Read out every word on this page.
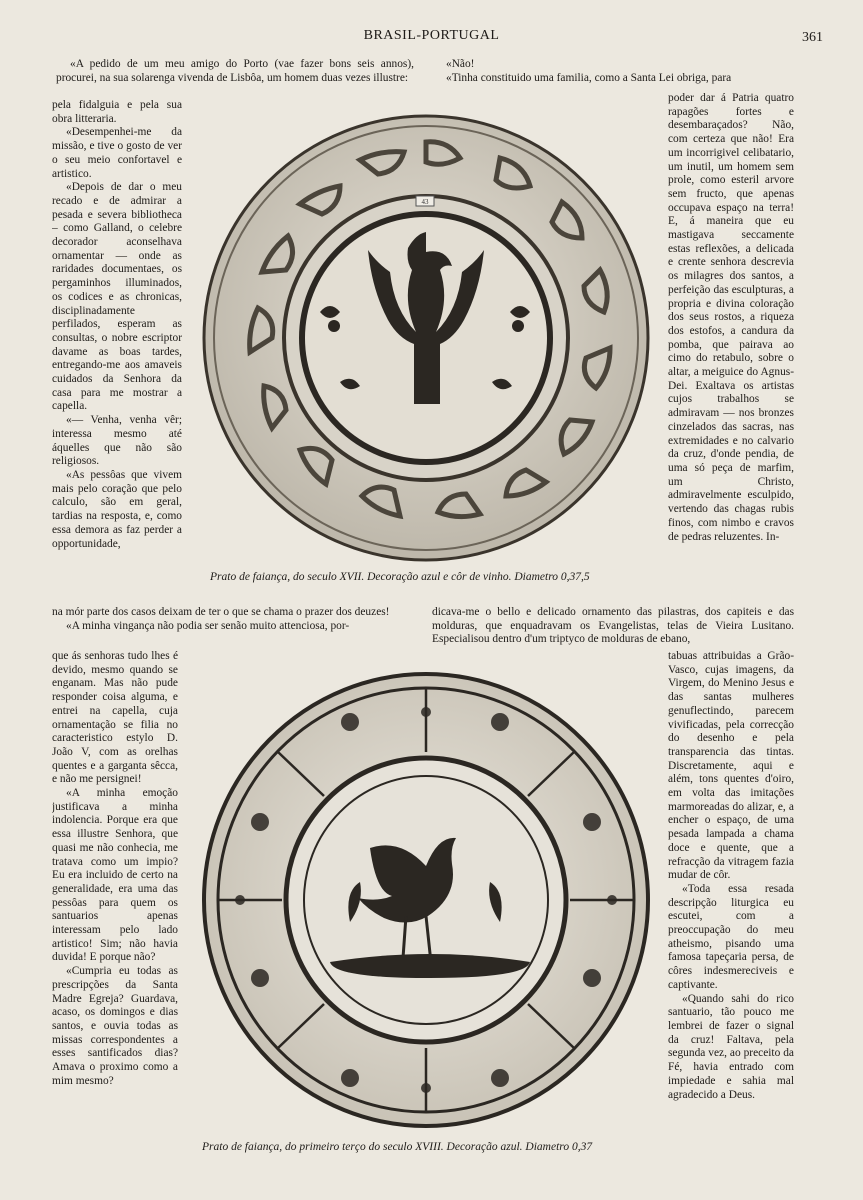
BRASIL-PORTUGAL	361

«A pedido de um meu amigo do Porto (vae fazer bons seis annos), procurei, na sua solarenga vivenda de Lisbôa, um homem duas vezes illustre:

pela fidalguia e pela sua obra litteraria.

«Desempenhei-me da missão, e tive o gosto de ver o seu meio confortavel e artistico.

«Depois de dar o meu recado e de admirar a pesada e severa bibliotheca – como Galland, o celebre decorador aconselhava ornamentar — onde as raridades documentaes, os pergaminhos illuminados, os codices e as chronicas, disciplinadamente perfilados, esperam as consultas, o nobre escriptor davame as boas tardes, entregando-me aos amaveis cuidados da Senhora da casa para me mostrar a capella.

«— Venha, venha vêr; interessa mesmo até áquelles que não são religiosos.

«As pessôas que vivem mais pelo coração que pelo calculo, são em geral, tardias na resposta, e, como essa demora as faz perder a opportunidade,

«Não!

«Tinha constituido uma familia, como a Santa Lei obriga, para

poder dar á Patria quatro rapagões fortes e desembaraçados? Não, com certeza que não! Era um incorrigivel celibatario, um inutil, um homem sem prole, como esteril arvore sem fructo, que apenas occupava espaço na terra! E, á maneira que eu mastigava seccamente estas reflexões, a delicada e crente senhora descrevia os milagres dos santos, a perfeição das esculpturas, a propria e divina coloração dos seus rostos, a riqueza dos estofos, a candura da pomba, que pairava ao cimo do retabulo, sobre o altar, a meiguice do Agnus-Dei. Exaltava os artistas cujos trabalhos se admiravam — nos bronzes cinzelados das sacras, nas extremidades e no calvario da cruz, d'onde pendia, de uma só peça de marfim, um Christo, admiravelmente esculpido, vertendo das chagas rubis finos, com nimbo e cravos de pedras reluzentes. In-

43
Prato de faiança, do seculo XVII. Decoração azul e côr de vinho. Diametro 0,37,5

na mór parte dos casos deixam de ter o que se chama o prazer dos deuzes!

«A minha vingança não podia ser senão muito attenciosa, por-

dicava-me o bello e delicado ornamento das pilastras, dos capiteis e das molduras, que enquadravam os Evangelistas, telas de Vieira Lusitano. Especialisou dentro d'um triptyco de molduras de ebano,

que ás senhoras tudo lhes é devido, mesmo quando se enganam. Mas não pude responder coisa alguma, e entrei na capella, cuja ornamentação se filia no caracteristico estylo D. João V, com as orelhas quentes e a garganta sêcca, e não me persignei!

«A minha emoção justificava a minha indolencia. Porque era que essa illustre Senhora, que quasi me não conhecia, me tratava como um impio? Eu era incluido de certo na generalidade, era uma das pessôas para quem os santuarios apenas interessam pelo lado artistico! Sim; não havia duvida! E porque não?

«Cumpria eu todas as prescripções da Santa Madre Egreja? Guardava, acaso, os domingos e dias santos, e ouvia todas as missas correspondentes a esses santificados dias? Amava o proximo como a mim mesmo?

Prato de faiança, do primeiro terço do seculo XVIII. Decoração azul. Diametro 0,37

tabuas attribuidas a Grão-Vasco, cujas imagens, da Virgem, do Menino Jesus e das santas mulheres genuflectindo, parecem vivificadas, pela correcção do desenho e pela transparencia das tintas. Discretamente, aqui e além, tons quentes d'oiro, em volta das imitações marmoreadas do alizar, e, a encher o espaço, de uma pesada lampada a chama doce e quente, que a refracção da vitragem fazia mudar de côr.

«Toda essa resada descripção liturgica eu escutei, com a preoccupação do meu atheismo, pisando uma famosa tapeçaria persa, de côres indesmereciveis e captivante.

«Quando sahi do rico santuario, tão pouco me lembrei de fazer o signal da cruz! Faltava, pela segunda vez, ao preceito da Fé, havia entrado com impiedade e sahia mal agradecido a Deus.
